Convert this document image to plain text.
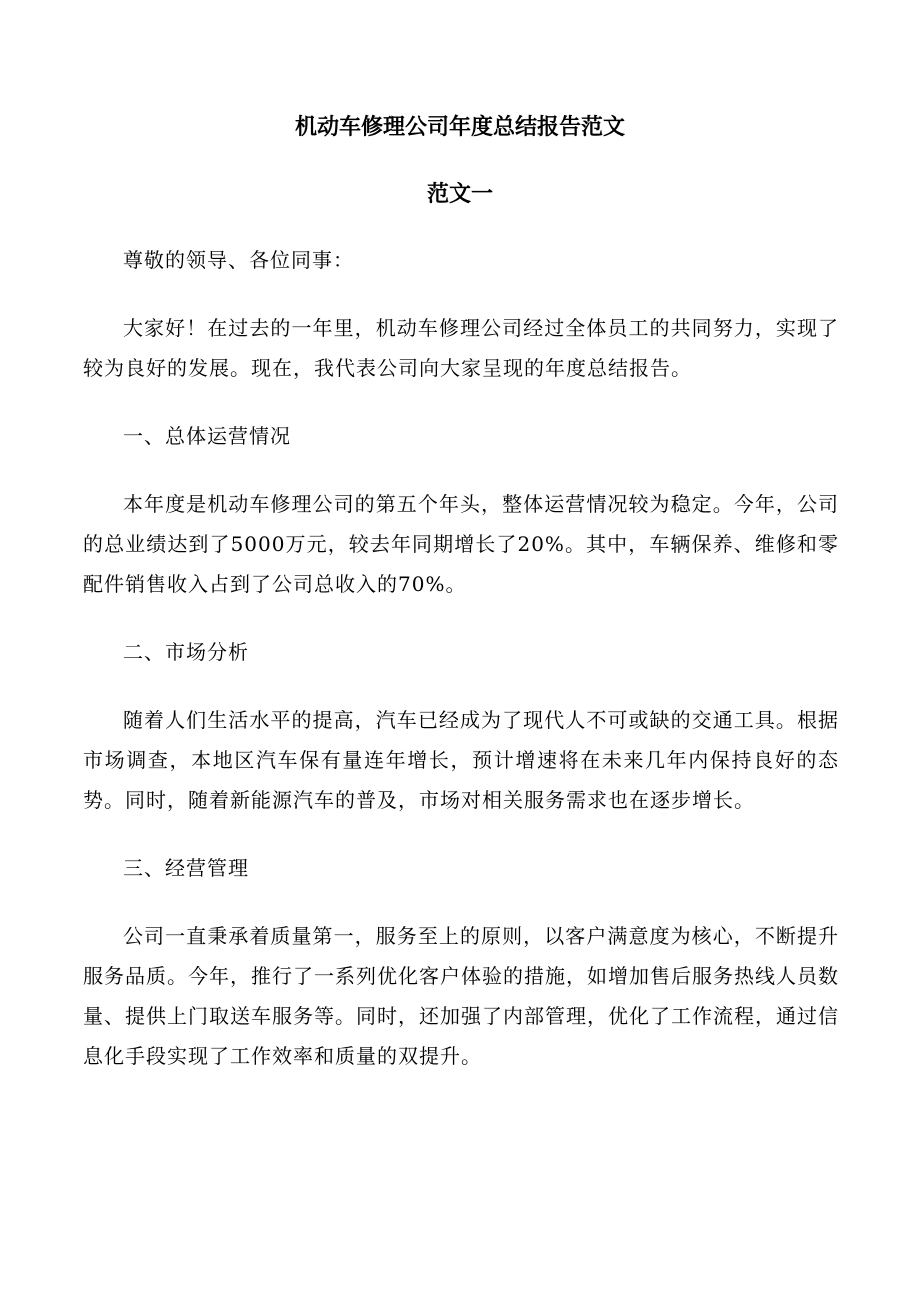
机动车修理公司年度总结报告范文
范文一

尊敬的领导、各位同事：

大家好！在过去的一年里，机动车修理公司经过全体员工的共同努力，实现了较为良好的发展。现在，我代表公司向大家呈现的年度总结报告。

一、总体运营情况

本年度是机动车修理公司的第五个年头，整体运营情况较为稳定。今年，公司的总业绩达到了5000万元，较去年同期增长了20%。其中，车辆保养、维修和零配件销售收入占到了公司总收入的70%。

二、市场分析

随着人们生活水平的提高，汽车已经成为了现代人不可或缺的交通工具。根据市场调查，本地区汽车保有量连年增长，预计增速将在未来几年内保持良好的态势。同时，随着新能源汽车的普及，市场对相关服务需求也在逐步增长。

三、经营管理

公司一直秉承着质量第一，服务至上的原则，以客户满意度为核心，不断提升服务品质。今年，推行了一系列优化客户体验的措施，如增加售后服务热线人员数量、提供上门取送车服务等。同时，还加强了内部管理，优化了工作流程，通过信息化手段实现了工作效率和质量的双提升。
